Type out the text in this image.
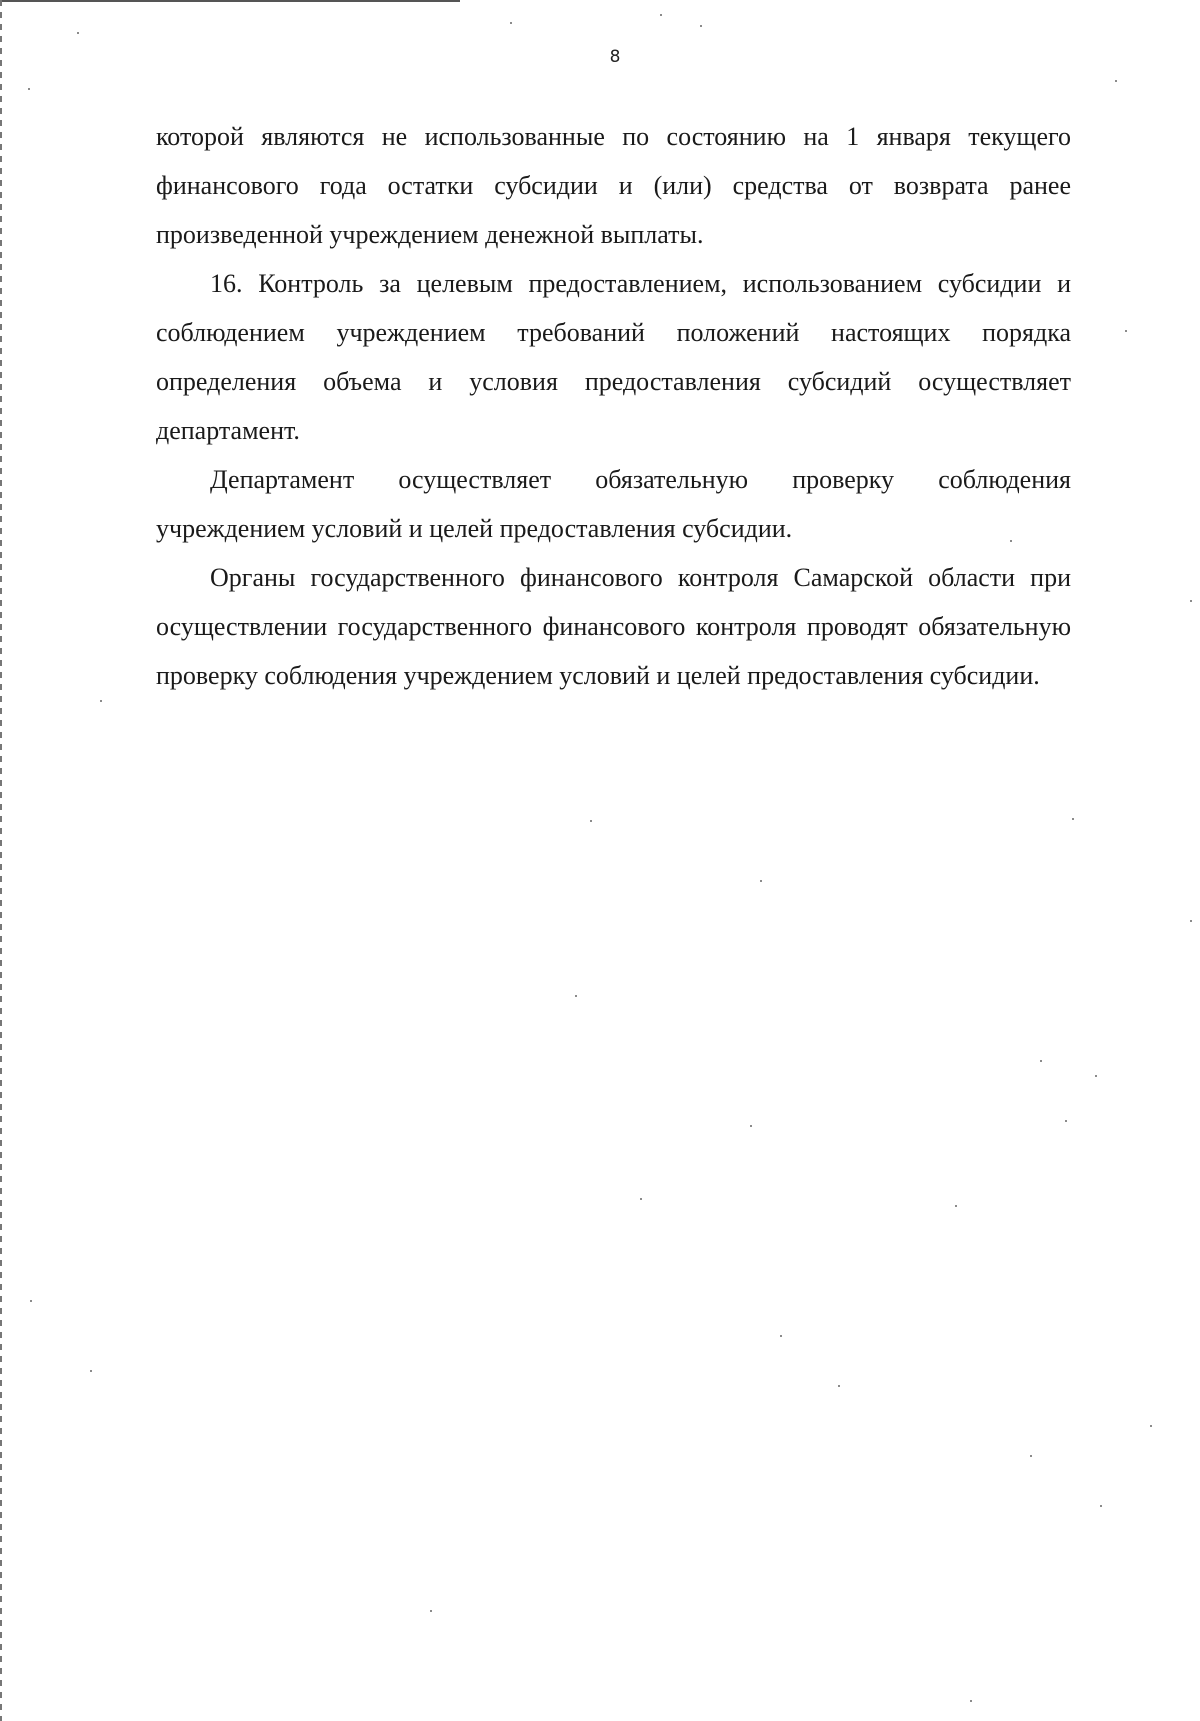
8

которой являются не использованные по состоянию на 1 января текущего финансового года остатки субсидии и (или) средства от возврата ранее произведенной учреждением денежной выплаты.

16. Контроль за целевым предоставлением, использованием субсидии и соблюдением учреждением требований положений настоящих порядка определения объема и условия предоставления субсидий осуществляет департамент.

Департамент осуществляет обязательную проверку соблюдения учреждением условий и целей предоставления субсидии.

Органы государственного финансового контроля Самарской области при осуществлении государственного финансового контроля проводят обязательную проверку соблюдения учреждением условий и целей предоставления субсидии.
